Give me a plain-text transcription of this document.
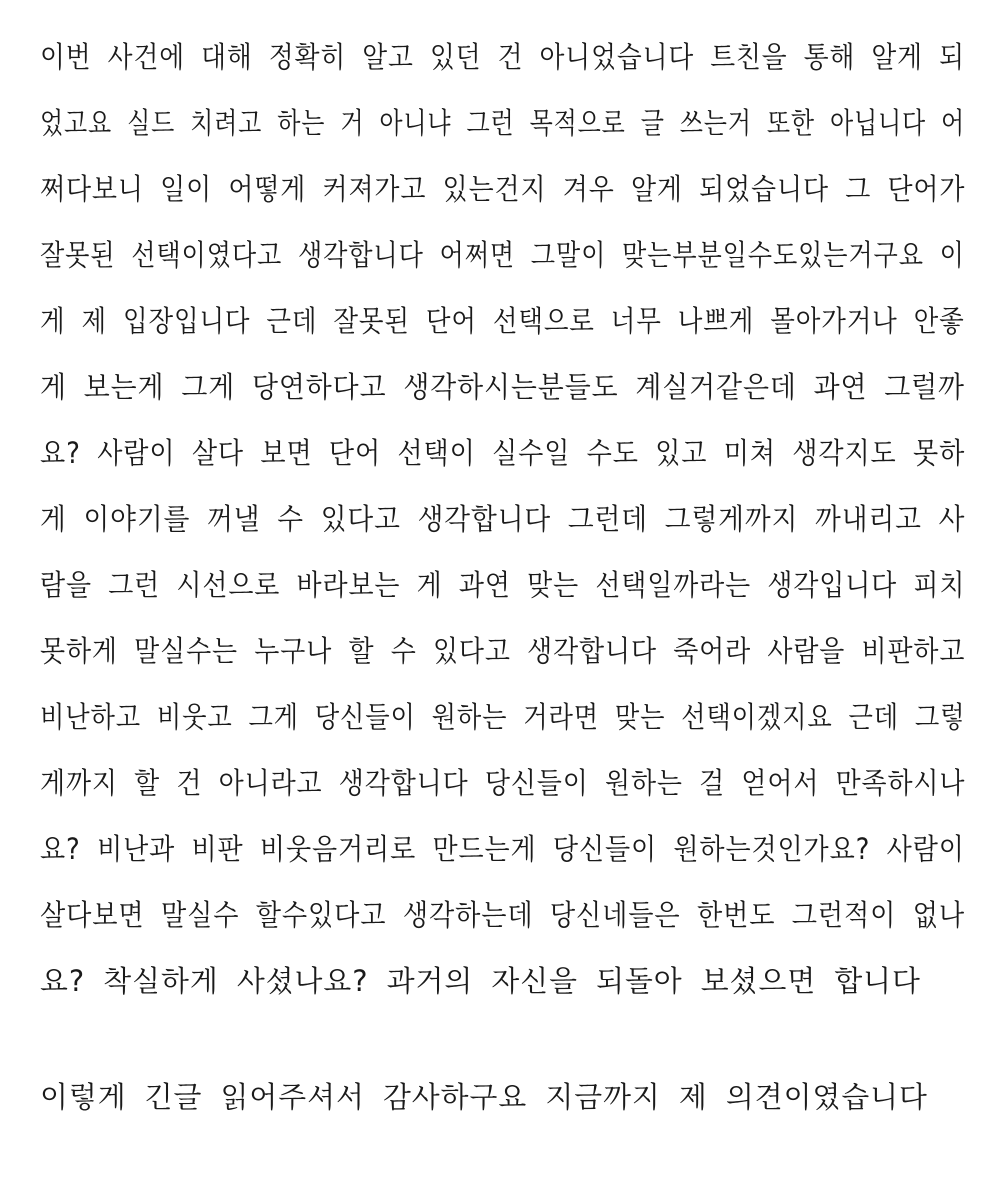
이번 사건에 대해 정확히 알고 있던 건 아니었습니다 트친을 통해 알게 되
었고요 실드 치려고 하는 거 아니냐 그런 목적으로 글 쓰는거 또한 아닙니다 어
쩌다보니 일이 어떻게 커져가고 있는건지 겨우 알게 되었습니다 그 단어가
잘못된 선택이였다고 생각합니다 어쩌면 그말이 맞는부분일수도있는거구요 이
게 제 입장입니다 근데 잘못된 단어 선택으로 너무 나쁘게 몰아가거나 안좋
게 보는게 그게 당연하다고 생각하시는분들도 계실거같은데 과연 그럴까
요? 사람이 살다 보면 단어 선택이 실수일 수도 있고 미쳐 생각지도 못하
게 이야기를 꺼낼 수 있다고 생각합니다 그런데 그렇게까지 까내리고 사
람을 그런 시선으로 바라보는 게 과연 맞는 선택일까라는 생각입니다 피치
못하게 말실수는 누구나 할 수 있다고 생각합니다 죽어라 사람을 비판하고
비난하고 비웃고 그게 당신들이 원하는 거라면 맞는 선택이겠지요 근데 그렇
게까지 할 건 아니라고 생각합니다 당신들이 원하는 걸 얻어서 만족하시나
요? 비난과 비판 비웃음거리로 만드는게 당신들이 원하는것인가요? 사람이
살다보면 말실수 할수있다고 생각하는데 당신네들은 한번도 그런적이 없나
요? 착실하게 사셨나요? 과거의 자신을 되돌아 보셨으면 합니다
이렇게 긴글 읽어주셔서 감사하구요 지금까지 제 의견이였습니다
